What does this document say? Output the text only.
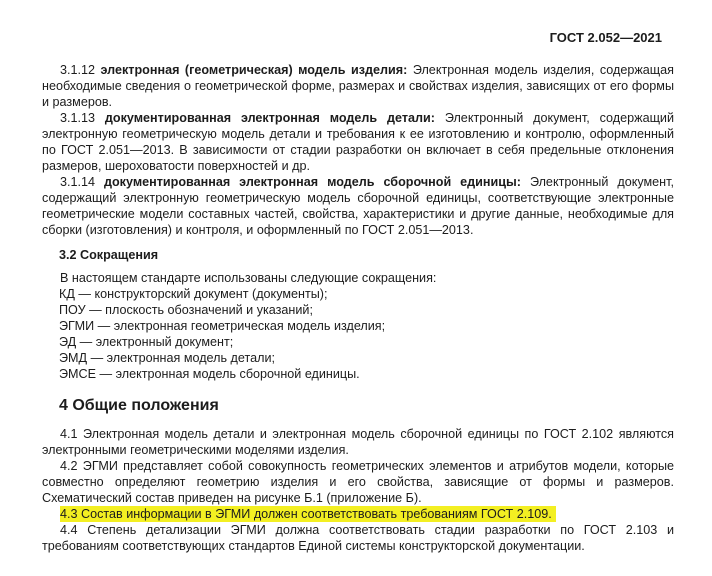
ГОСТ 2.052—2021

3.1.12 электронная (геометрическая) модель изделия: Электронная модель изделия, содержащая необходимые сведения о геометрической форме, размерах и свойствах изделия, зависящих от его формы и размеров.

3.1.13 документированная электронная модель детали: Электронный документ, содержащий электронную геометрическую модель детали и требования к ее изготовлению и контролю, оформленный по ГОСТ 2.051—2013. В зависимости от стадии разработки он включает в себя предельные отклонения размеров, шероховатости поверхностей и др.

3.1.14 документированная электронная модель сборочной единицы: Электронный документ, содержащий электронную геометрическую модель сборочной единицы, соответствующие электронные геометрические модели составных частей, свойства, характеристики и другие данные, необходимые для сборки (изготовления) и контроля, и оформленный по ГОСТ 2.051—2013.

3.2 Сокращения

В настоящем стандарте использованы следующие сокращения:

КД — конструкторский документ (документы);
ПОУ — плоскость обозначений и указаний;
ЭГМИ — электронная геометрическая модель изделия;
ЭД — электронный документ;
ЭМД — электронная модель детали;
ЭМСЕ — электронная модель сборочной единицы.
4 Общие положения

4.1 Электронная модель детали и электронная модель сборочной единицы по ГОСТ 2.102 являются электронными геометрическими моделями изделия.

4.2 ЭГМИ представляет собой совокупность геометрических элементов и атрибутов модели, которые совместно определяют геометрию изделия и его свойства, зависящие от формы и размеров. Схематический состав приведен на рисунке Б.1 (приложение Б).

4.3 Состав информации в ЭГМИ должен соответствовать требованиям ГОСТ 2.109.

4.4 Степень детализации ЭГМИ должна соответствовать стадии разработки по ГОСТ 2.103 и требованиям соответствующих стандартов Единой системы конструкторской документации.
